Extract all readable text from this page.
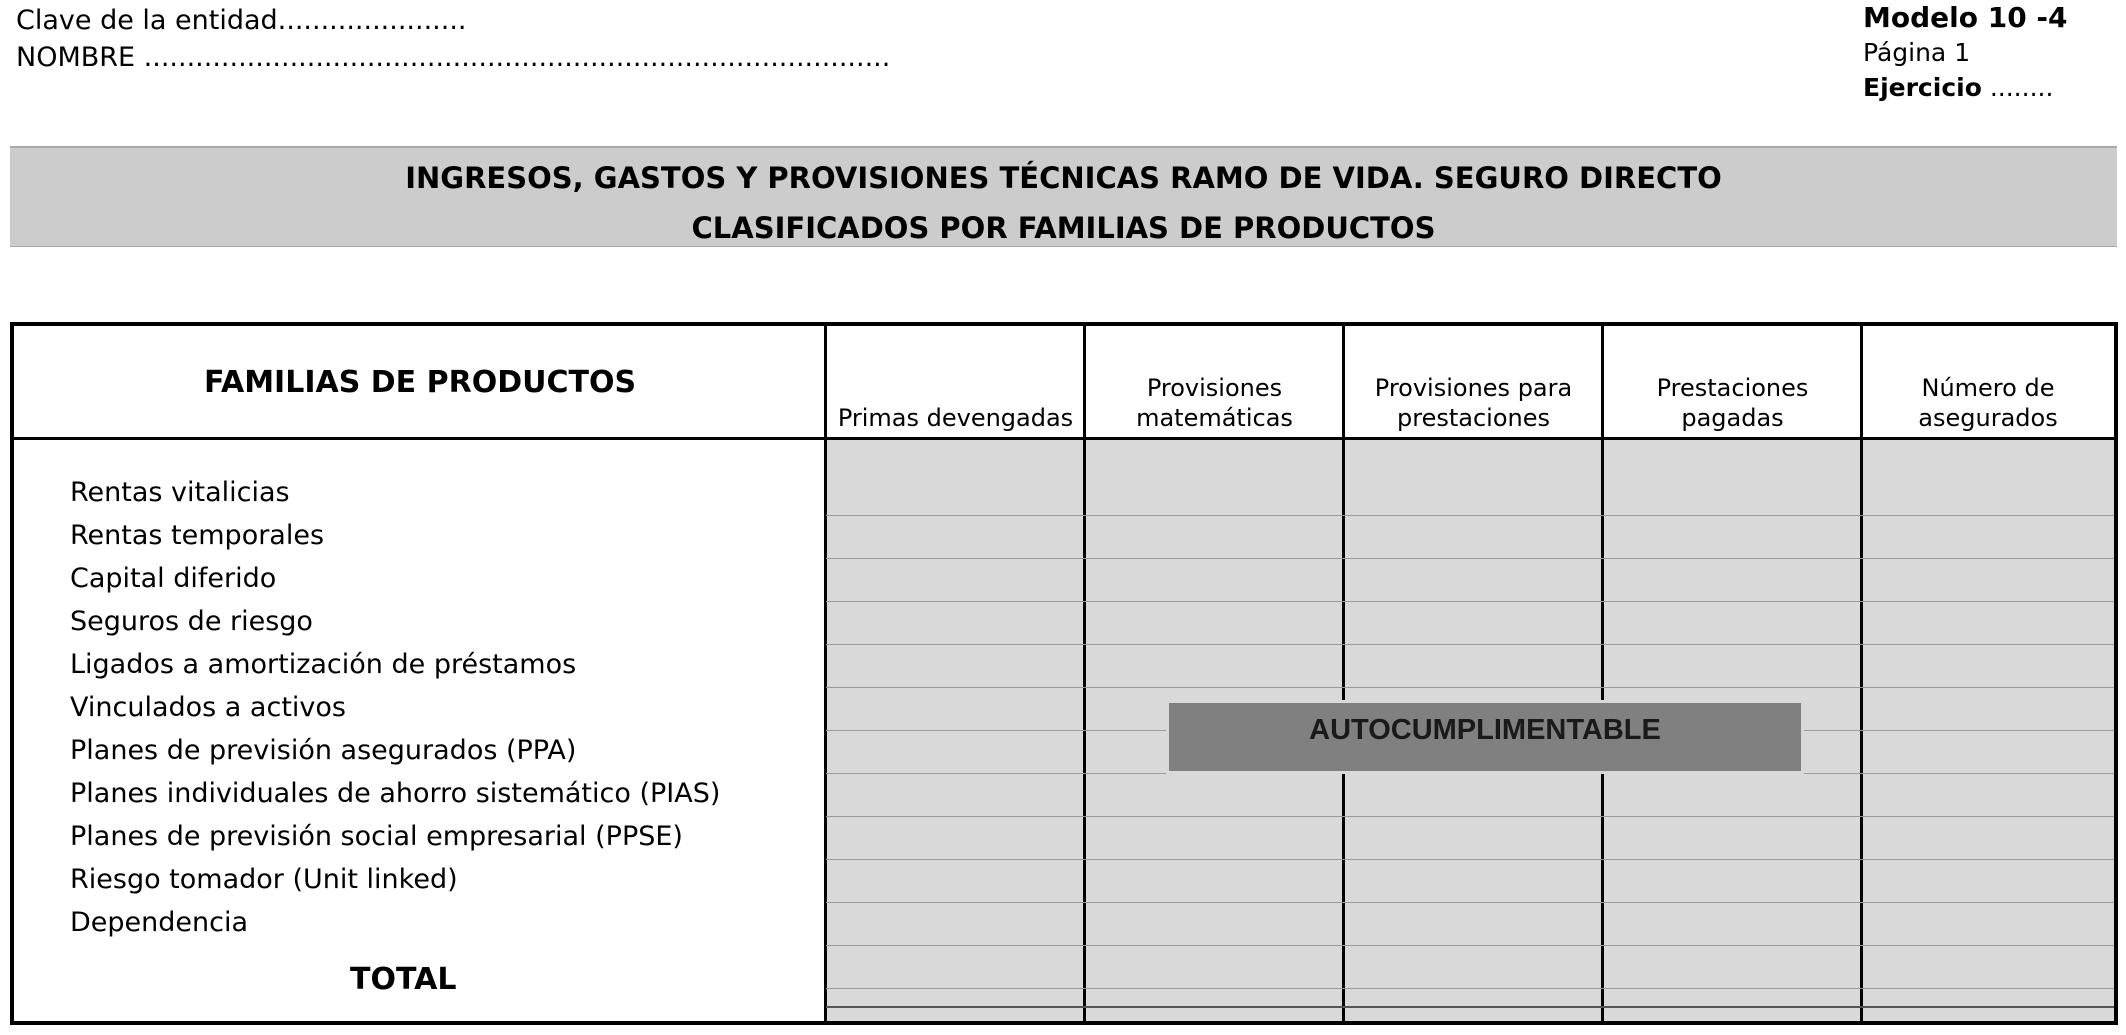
Clave de la entidad......................
NOMBRE .......................................................................................
Modelo 10 -4
Página 1
Ejercicio ........
INGRESOS, GASTOS Y PROVISIONES TÉCNICAS RAMO DE VIDA. SEGURO DIRECTO
CLASIFICADOS POR FAMILIAS DE PRODUCTOS
FAMILIAS DE PRODUCTOS
Primas devengadas
Provisiones
matemáticas
Provisiones para
prestaciones
Prestaciones
pagadas
Número de
asegurados
Rentas vitalicias
Rentas temporales
Capital diferido
Seguros de riesgo
Ligados a amortización de préstamos
Vinculados a activos
Planes de previsión asegurados (PPA)
Planes individuales de ahorro sistemático (PIAS)
Planes de previsión social empresarial (PPSE)
Riesgo tomador (Unit linked)
Dependencia
TOTAL
AUTOCUMPLIMENTABLE
